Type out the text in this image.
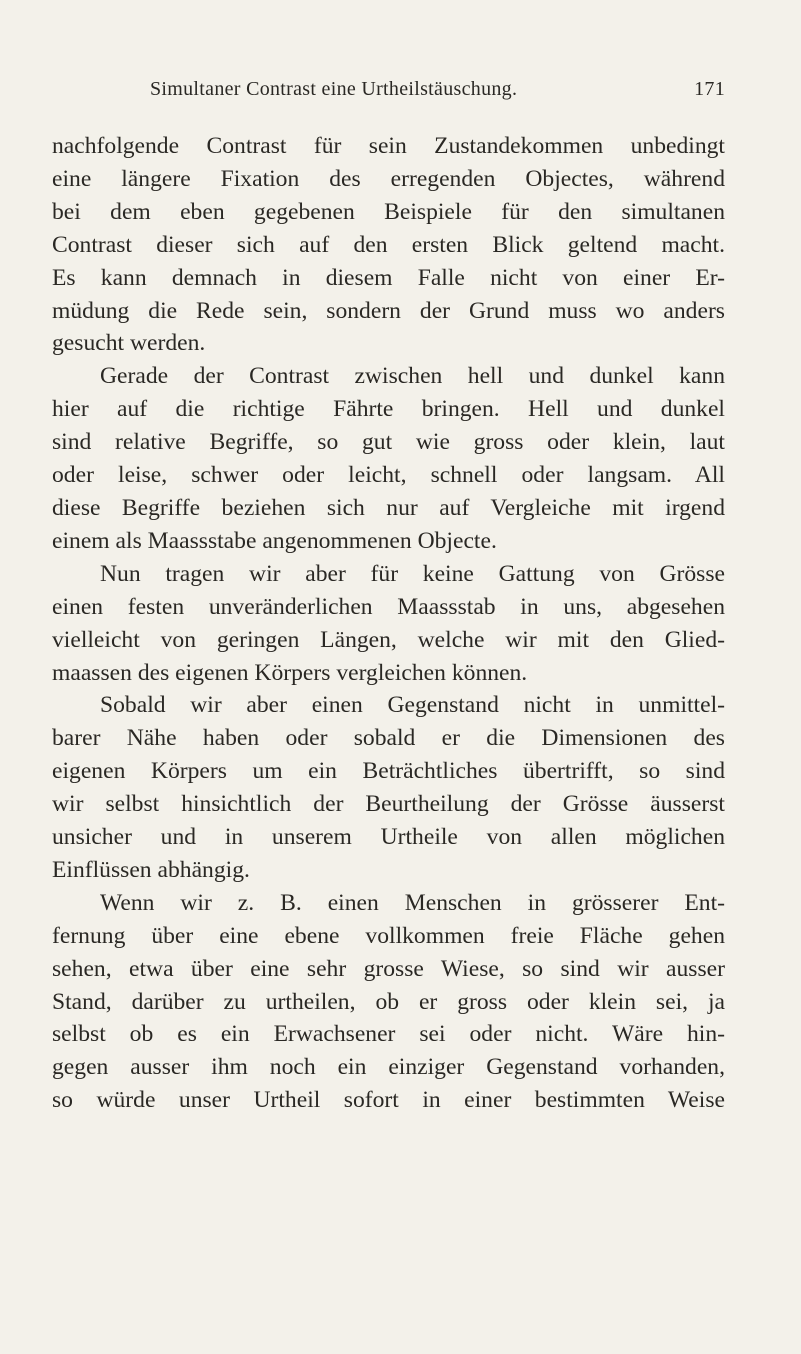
Simultaner Contrast eine Urtheilstäuschung.	171

nachfolgende Contrast für sein Zustandekommen unbedingt
eine längere Fixation des erregenden Objectes, während
bei dem eben gegebenen Beispiele für den simultanen
Contrast dieser sich auf den ersten Blick geltend macht.
Es kann demnach in diesem Falle nicht von einer Er-
müdung die Rede sein, sondern der Grund muss wo anders
gesucht werden.

Gerade der Contrast zwischen hell und dunkel kann
hier auf die richtige Fährte bringen. Hell und dunkel
sind relative Begriffe, so gut wie gross oder klein, laut
oder leise, schwer oder leicht, schnell oder langsam. All
diese Begriffe beziehen sich nur auf Vergleiche mit irgend
einem als Maassstabe angenommenen Objecte.

Nun tragen wir aber für keine Gattung von Grösse
einen festen unveränderlichen Maassstab in uns, abgesehen
vielleicht von geringen Längen, welche wir mit den Glied-
maassen des eigenen Körpers vergleichen können.

Sobald wir aber einen Gegenstand nicht in unmittel-
barer Nähe haben oder sobald er die Dimensionen des
eigenen Körpers um ein Beträchtliches übertrifft, so sind
wir selbst hinsichtlich der Beurtheilung der Grösse äusserst
unsicher und in unserem Urtheile von allen möglichen
Einflüssen abhängig.

Wenn wir z. B. einen Menschen in grösserer Ent-
fernung über eine ebene vollkommen freie Fläche gehen
sehen, etwa über eine sehr grosse Wiese, so sind wir ausser
Stand, darüber zu urtheilen, ob er gross oder klein sei, ja
selbst ob es ein Erwachsener sei oder nicht. Wäre hin-
gegen ausser ihm noch ein einziger Gegenstand vorhanden,
so würde unser Urtheil sofort in einer bestimmten Weise
